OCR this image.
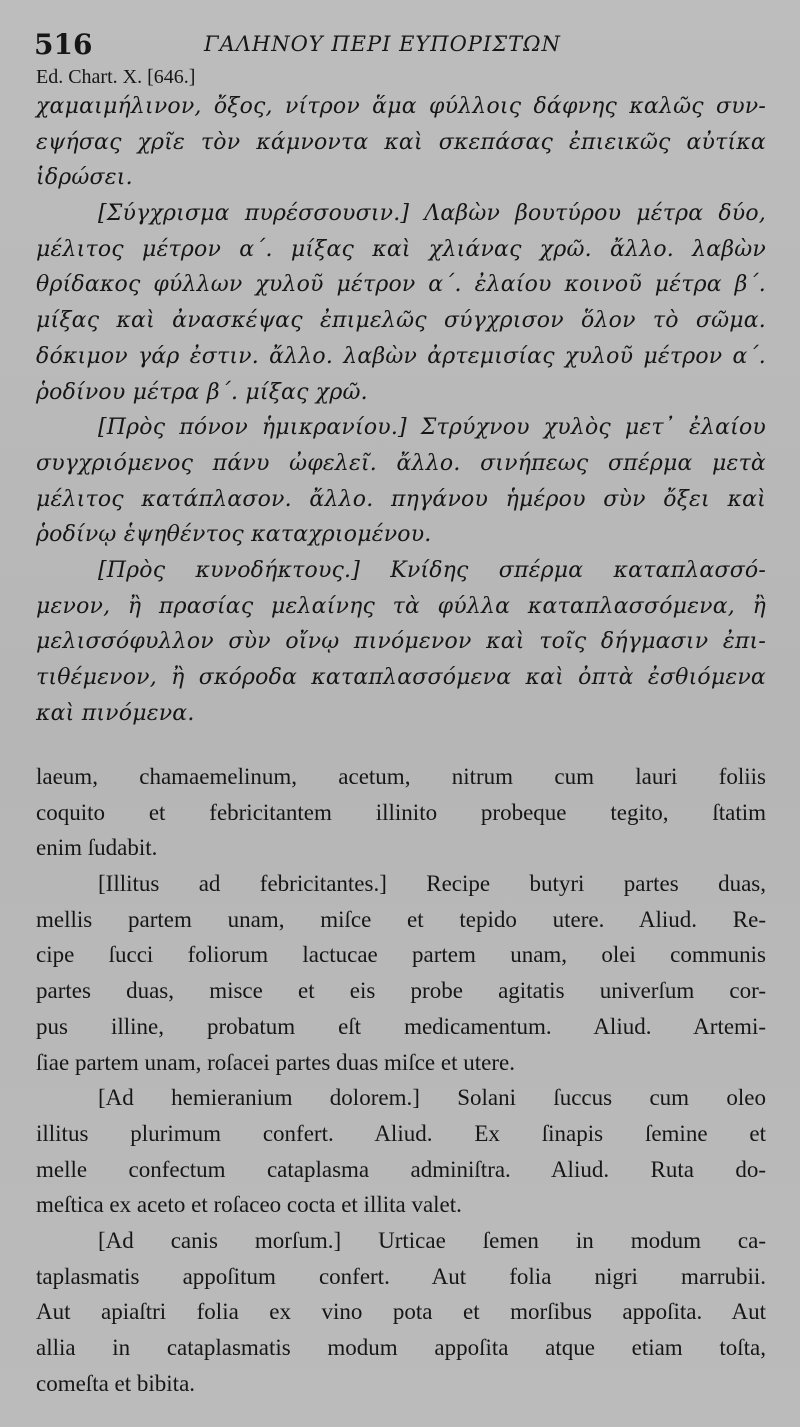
516	ΓΑΛΗΝΟΥ ΠΕΡΙ ΕΥΠΟΡΙΣΤΩΝ
Ed. Chart. X. [646.]
χαμαιμήλινον, ὄξος, νίτρον ἅμα φύλλοις δάφνης καλῶς συν-
εψήσας χρῖε τὸν κάμνοντα καὶ σκεπάσας ἐπιεικῶς αὐτίκα
ἱδρώσει.
[Σύγχρισμα πυρέσσουσιν.] Λαβὼν βουτύρου μέτρα δύο,
μέλιτος μέτρον α΄. μίξας καὶ χλιάνας χρῶ. ἄλλο. λαβὼν
θρίδακος φύλλων χυλοῦ μέτρον α΄. ἐλαίου κοινοῦ μέτρα β΄.
μίξας καὶ ἀνασκέψας ἐπιμελῶς σύγχρισον ὅλον τὸ σῶμα.
δόκιμον γάρ ἐστιν. ἄλλο. λαβὼν ἀρτεμισίας χυλοῦ μέτρον α΄.
ῥοδίνου μέτρα β΄. μίξας χρῶ.
[Πρὸς πόνον ἡμικρανίου.] Στρύχνου χυλὸς μετ᾽ ἐλαίου
συγχριόμενος πάνυ ὠφελεῖ. ἄλλο. σινήπεως σπέρμα μετὰ
μέλιτος κατάπλασον. ἄλλο. πηγάνου ἡμέρου σὺν ὄξει καὶ
ῥοδίνῳ ἑψηθέντος καταχριομένου.
[Πρὸς κυνοδήκτους.] Κνίδης σπέρμα καταπλασσό-
μενον, ἢ πρασίας μελαίνης τὰ φύλλα καταπλασσόμενα, ἢ
μελισσόφυλλον σὺν οἴνῳ πινόμενον καὶ τοῖς δήγμασιν ἐπι-
τιθέμενον, ἢ σκόροδα καταπλασσόμενα καὶ ὀπτὰ ἐσθιόμενα
καὶ πινόμενα.
laeum, chamaemelinum, acetum, nitrum cum lauri foliis
coquito et febricitantem illinito probeque tegito, ſtatim
enim ſudabit.
[Illitus ad febricitantes.] Recipe butyri partes duas,
mellis partem unam, miſce et tepido utere. Aliud. Re-
cipe ſucci foliorum lactucae partem unam, olei communis
partes duas, misce et eis probe agitatis univerſum cor-
pus illine, probatum eſt medicamentum. Aliud. Artemi-
ſiae partem unam, roſacei partes duas miſce et utere.
[Ad hemieranium dolorem.] Solani ſuccus cum oleo
illitus plurimum confert. Aliud. Ex ſinapis ſemine et
melle confectum cataplasma adminiſtra. Aliud. Ruta do-
meſtica ex aceto et roſaceo cocta et illita valet.
[Ad canis morſum.] Urticae ſemen in modum ca-
taplasmatis appoſitum confert. Aut folia nigri marrubii.
Aut apiaſtri folia ex vino pota et morſibus appoſita. Aut
allia in cataplasmatis modum appoſita atque etiam toſta,
comeſta et bibita.
